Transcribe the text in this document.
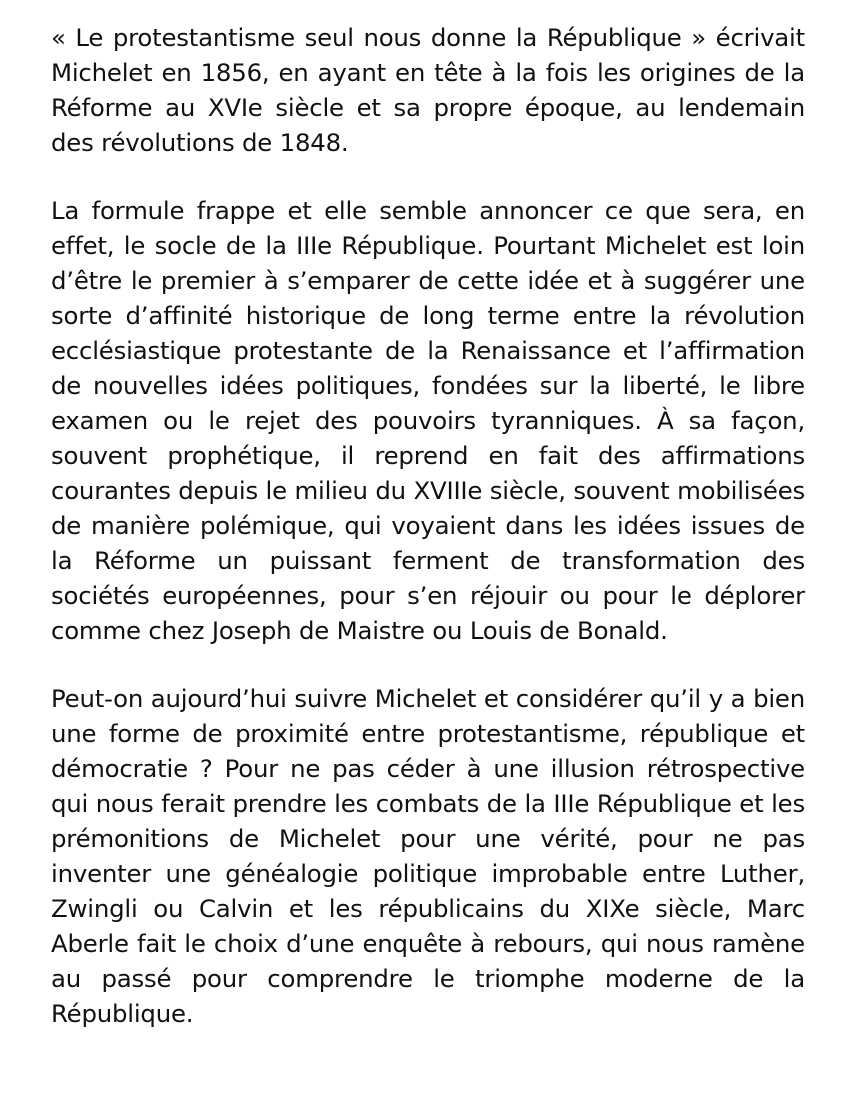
« Le protestantisme seul nous donne la République » écrivait Michelet en 1856, en ayant en tête à la fois les origines de la Réforme au XVIe siècle et sa propre époque, au lendemain des révolutions de 1848.

La formule frappe et elle semble annoncer ce que sera, en effet, le socle de la IIIe République. Pourtant Michelet est loin d’être le premier à s’emparer de cette idée et à suggérer une sorte d’affinité historique de long terme entre la révolution ecclésiastique protestante de la Renaissance et l’affirmation de nouvelles idées politiques, fondées sur la liberté, le libre examen ou le rejet des pouvoirs tyranniques. À sa façon, souvent prophétique, il reprend en fait des affirmations courantes depuis le milieu du XVIIIe siècle, souvent mobilisées de manière polémique, qui voyaient dans les idées issues de la Réforme un puissant ferment de transformation des sociétés européennes, pour s’en réjouir ou pour le déplorer comme chez Joseph de Maistre ou Louis de Bonald.

Peut-on aujourd’hui suivre Michelet et considérer qu’il y a bien une forme de proximité entre protestantisme, république et démocratie ? Pour ne pas céder à une illusion rétrospective qui nous ferait prendre les combats de la IIIe République et les prémonitions de Michelet pour une vérité, pour ne pas inventer une généalogie politique improbable entre Luther, Zwingli ou Calvin et les républicains du XIXe siècle, Marc Aberle fait le choix d’une enquête à rebours, qui nous ramène au passé pour comprendre le triomphe moderne de la République.
